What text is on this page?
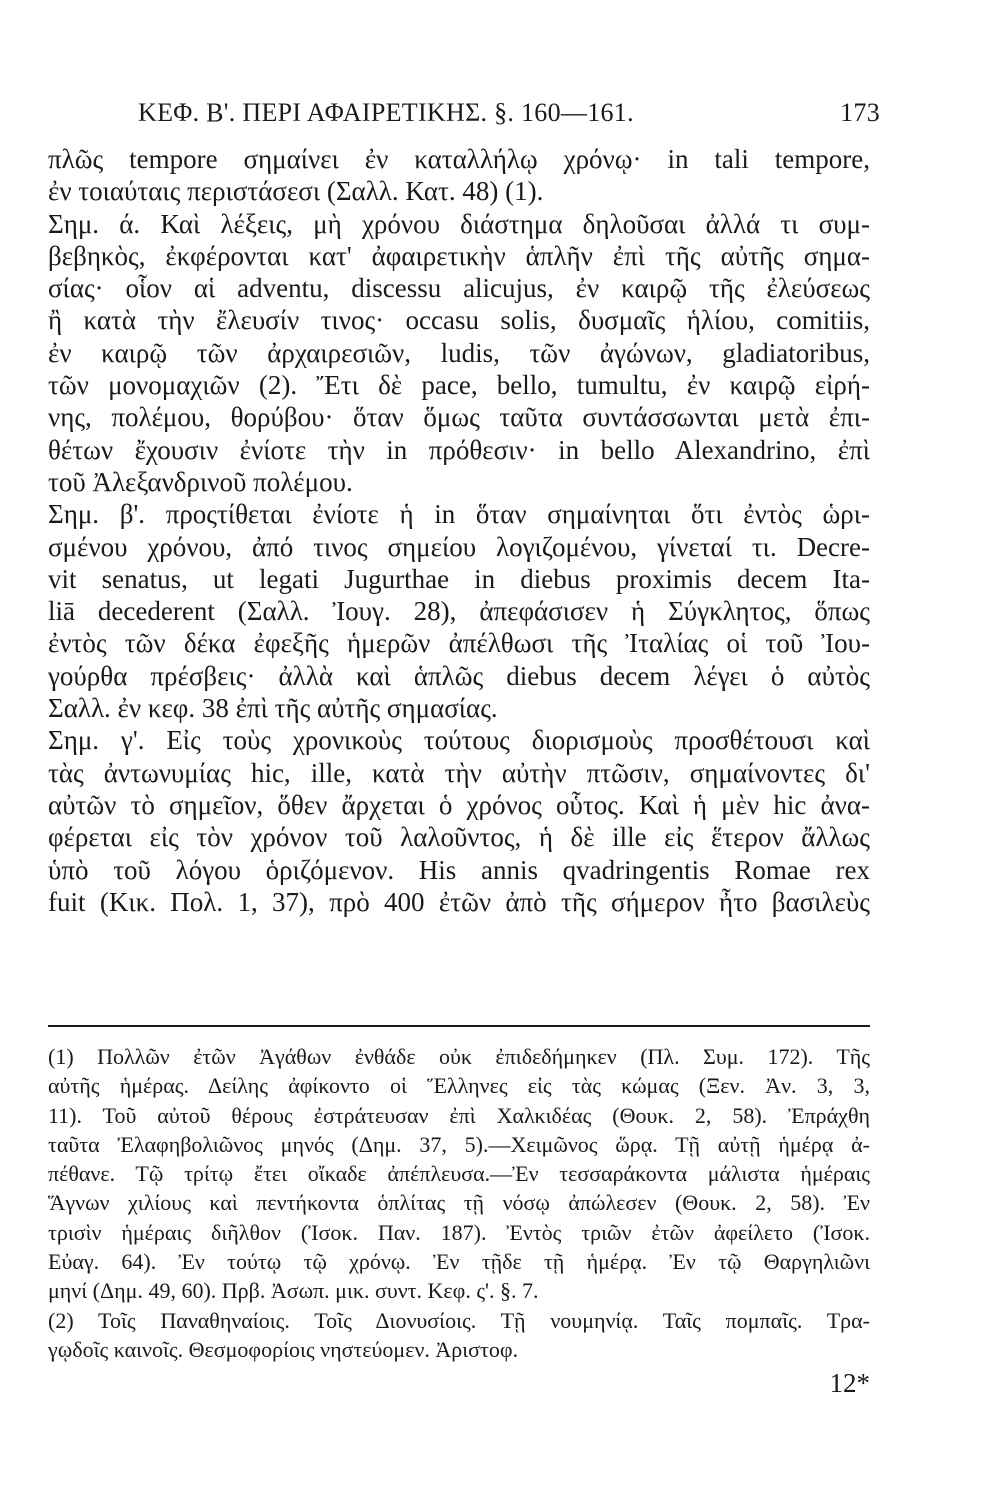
ΚΕΦ. Β'. ΠΕΡΙ ΑΦΑΙΡΕΤΙΚΗΣ. §. 160—161.	173
πλῶς tempore σημαίνει ἐν καταλλήλῳ χρόνῳ· in tali tempore,
ἐν τοιαύταις περιστάσεσι (Σαλλ. Κατ. 48) (1).
Σημ. ά. Καὶ λέξεις, μὴ χρόνου διάστημα δηλοῦσαι ἀλλά τι συμ-
βεβηκὸς, ἐκφέρονται κατ' ἀφαιρετικὴν ἁπλῆν ἐπὶ τῆς αὐτῆς σημα-
σίας· οἷον αἱ adventu, discessu alicujus, ἐν καιρῷ τῆς ἐλεύσεως
ἢ κατὰ τὴν ἔλευσίν τινος· occasu solis, δυσμαῖς ἡλίου, comitiis,
ἐν καιρῷ τῶν ἀρχαιρεσιῶν, ludis, τῶν ἀγώνων, gladiatoribus,
τῶν μονομαχιῶν (2). Ἔτι δὲ pace, bello, tumultu, ἐν καιρῷ εἰρή-
νης, πολέμου, θορύβου· ὅταν ὅμως ταῦτα συντάσσωνται μετὰ ἐπι-
θέτων ἔχουσιν ἐνίοτε τὴν in πρόθεσιν· in bello Alexandrino, ἐπὶ
τοῦ Ἀλεξανδρινοῦ πολέμου.
Σημ. β'. προςτίθεται ἐνίοτε ἡ in ὅταν σημαίνηται ὅτι ἐντὸς ὡρι-
σμένου χρόνου, ἀπό τινος σημείου λογιζομένου, γίνεταί τι. Decre-
vit senatus, ut legati Jugurthae in diebus proximis decem Ita-
liā decederent (Σαλλ. Ἰουγ. 28), ἀπεφάσισεν ἡ Σύγκλητος, ὅπως
ἐντὸς τῶν δέκα ἐφεξῆς ἡμερῶν ἀπέλθωσι τῆς Ἰταλίας οἱ τοῦ Ἰου-
γούρθα πρέσβεις· ἀλλὰ καὶ ἁπλῶς diebus decem λέγει ὁ αὐτὸς
Σαλλ. ἐν κεφ. 38 ἐπὶ τῆς αὐτῆς σημασίας.
Σημ. γ'. Εἰς τοὺς χρονικοὺς τούτους διορισμοὺς προσθέτουσι καὶ
τὰς ἀντωνυμίας hic, ille, κατὰ τὴν αὐτὴν πτῶσιν, σημαίνοντες δι'
αὐτῶν τὸ σημεῖον, ὅθεν ἄρχεται ὁ χρόνος οὗτος. Καὶ ἡ μὲν hic ἀνα-
φέρεται εἰς τὸν χρόνον τοῦ λαλοῦντος, ἡ δὲ ille εἰς ἕτερον ἄλλως
ὑπὸ τοῦ λόγου ὁριζόμενον. His annis qvadringentis Romae rex
fuit (Κικ. Πολ. 1, 37), πρὸ 400 ἐτῶν ἀπὸ τῆς σήμερον ἦτο βασιλεὺς
(1) Πολλῶν ἐτῶν Ἀγάθων ἐνθάδε οὐκ ἐπιδεδήμηκεν (Πλ. Συμ. 172). Τῆς
αὐτῆς ἡμέρας. Δείλης ἀφίκοντο οἱ Ἕλληνες εἰς τὰς κώμας (Ξεν. Ἀν. 3, 3,
11). Τοῦ αὐτοῦ θέρους ἐστράτευσαν ἐπὶ Χαλκιδέας (Θουκ. 2, 58). Ἐπράχθη
ταῦτα Ἐλαφηβολιῶνος μηνός (Δημ. 37, 5).—Χειμῶνος ὥρᾳ. Τῇ αὐτῇ ἡμέρᾳ ἀ-
πέθανε. Τῷ τρίτῳ ἔτει οἴκαδε ἀπέπλευσα.—Ἐν τεσσαράκοντα μάλιστα ἡμέραις
Ἅγνων χιλίους καὶ πεντήκοντα ὁπλίτας τῇ νόσῳ ἀπώλεσεν (Θουκ. 2, 58). Ἐν
τρισὶν ἡμέραις διῆλθον (Ἰσοκ. Παν. 187). Ἐντὸς τριῶν ἐτῶν ἀφείλετο (Ἰσοκ.
Εὐαγ. 64). Ἐν τούτῳ τῷ χρόνῳ. Ἐν τῇδε τῇ ἡμέρᾳ. Ἐν τῷ Θαργηλιῶνι
μηνί (Δημ. 49, 60). Πρβ. Ἀσωπ. μικ. συντ. Κεφ. ς'. §. 7.
(2) Τοῖς Παναθηναίοις. Τοῖς Διονυσίοις. Τῇ νουμηνίᾳ. Ταῖς πομπαῖς. Τρα-
γῳδοῖς καινοῖς. Θεσμοφορίοις νηστεύομεν. Ἀριστοφ.
12*
